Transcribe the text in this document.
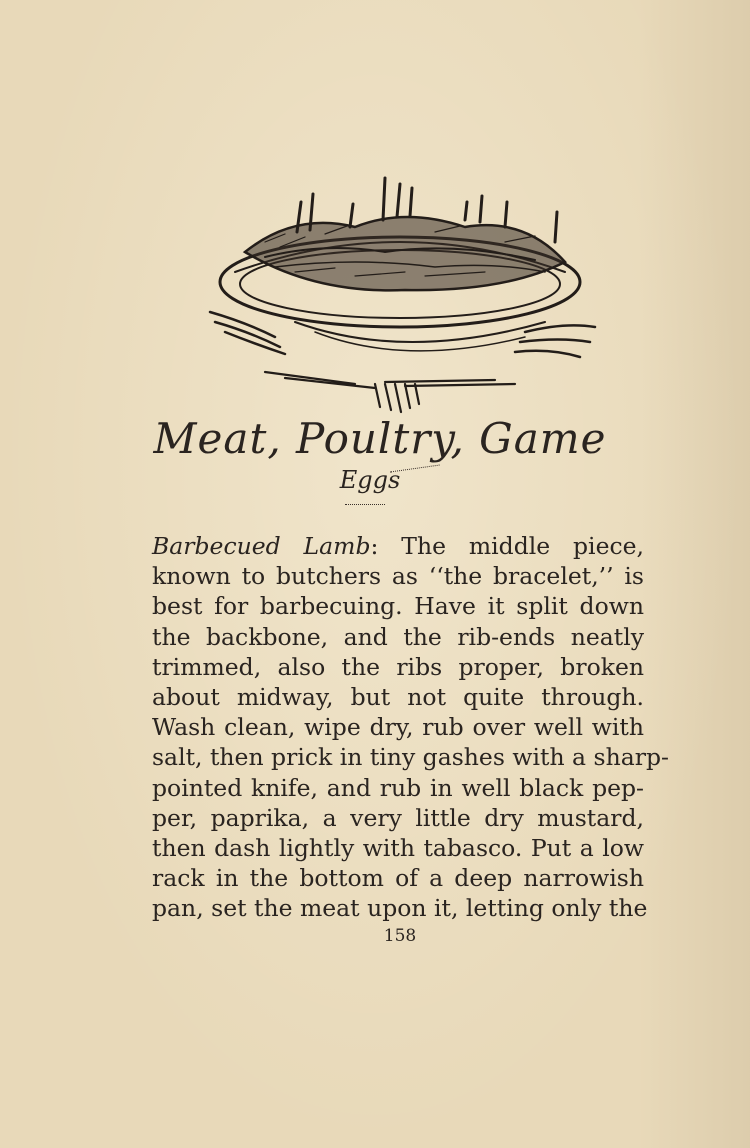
Meat, Poultry, Game
Eggs
Barbecued Lamb: The middle piece,
known to butchers as ‘‘the bracelet,’’ is
best for barbecuing. Have it split down
the backbone, and the rib-ends neatly
trimmed, also the ribs proper, broken
about midway, but not quite through.
Wash clean, wipe dry, rub over well with
salt, then prick in tiny gashes with a sharp-
pointed knife, and rub in well black pep-
per, paprika, a very little dry mustard,
then dash lightly with tabasco. Put a low
rack in the bottom of a deep narrowish
pan, set the meat upon it, letting only the
158
